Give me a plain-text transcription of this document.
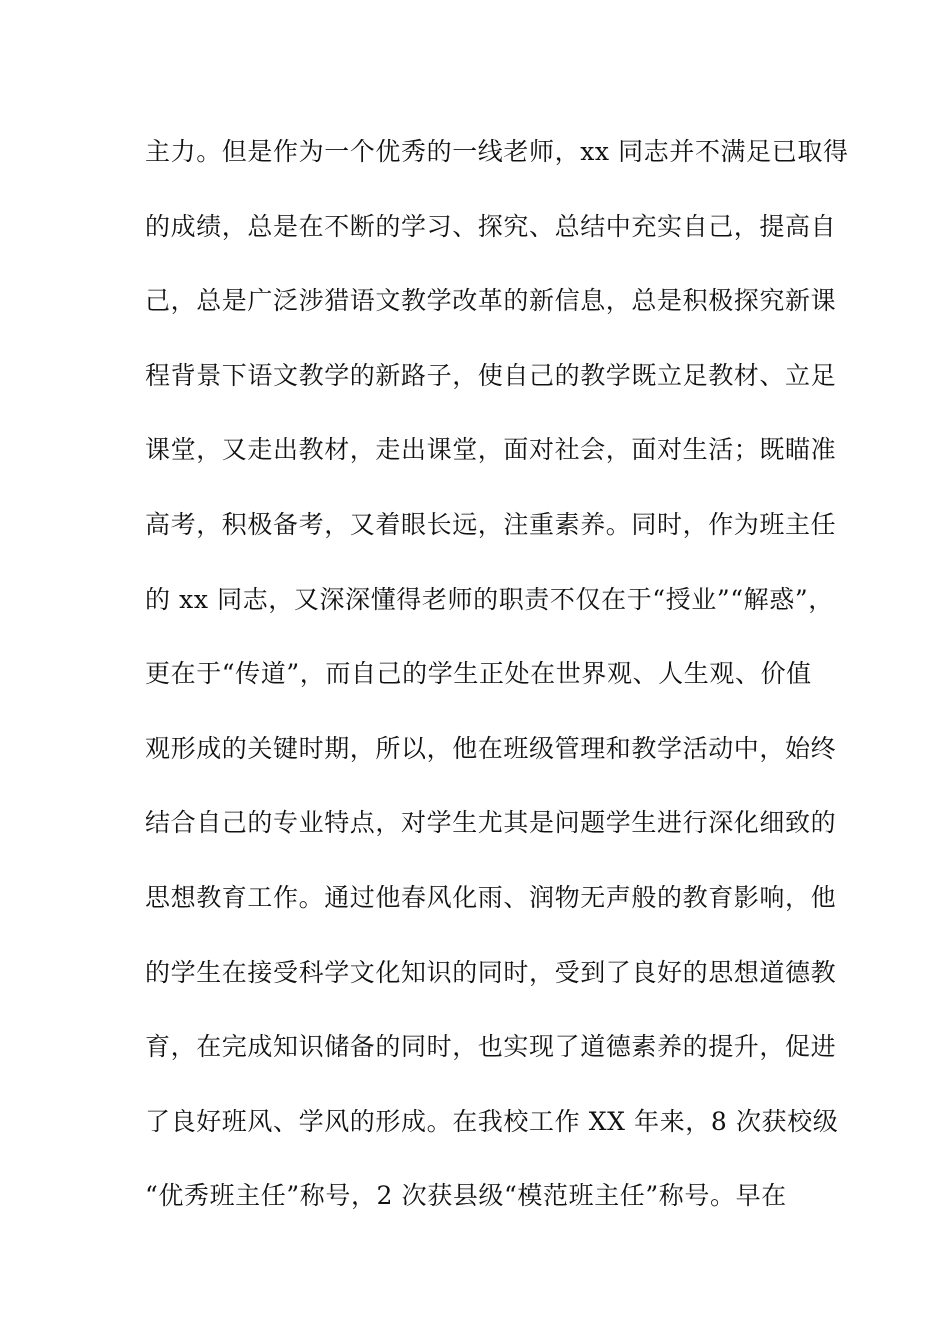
主力。但是作为一个优秀的一线老师，xx 同志并不满足已取得
的成绩，总是在不断的学习、探究、总结中充实自己，提高自
己，总是广泛涉猎语文教学改革的新信息，总是积极探究新课
程背景下语文教学的新路子，使自己的教学既立足教材、立足
课堂，又走出教材，走出课堂，面对社会，面对生活；既瞄准
高考，积极备考，又着眼长远，注重素养。同时，作为班主任
的 xx 同志，又深深懂得老师的职责不仅在于“授业”“解惑”，
更在于“传道”，而自己的学生正处在世界观、人生观、价值
观形成的关键时期，所以，他在班级管理和教学活动中，始终
结合自己的专业特点，对学生尤其是问题学生进行深化细致的
思想教育工作。通过他春风化雨、润物无声般的教育影响，他
的学生在接受科学文化知识的同时，受到了良好的思想道德教
育，在完成知识储备的同时，也实现了道德素养的提升，促进
了良好班风、学风的形成。在我校工作 XX 年来，8 次获校级
“优秀班主任”称号，2 次获县级“模范班主任”称号。早在
